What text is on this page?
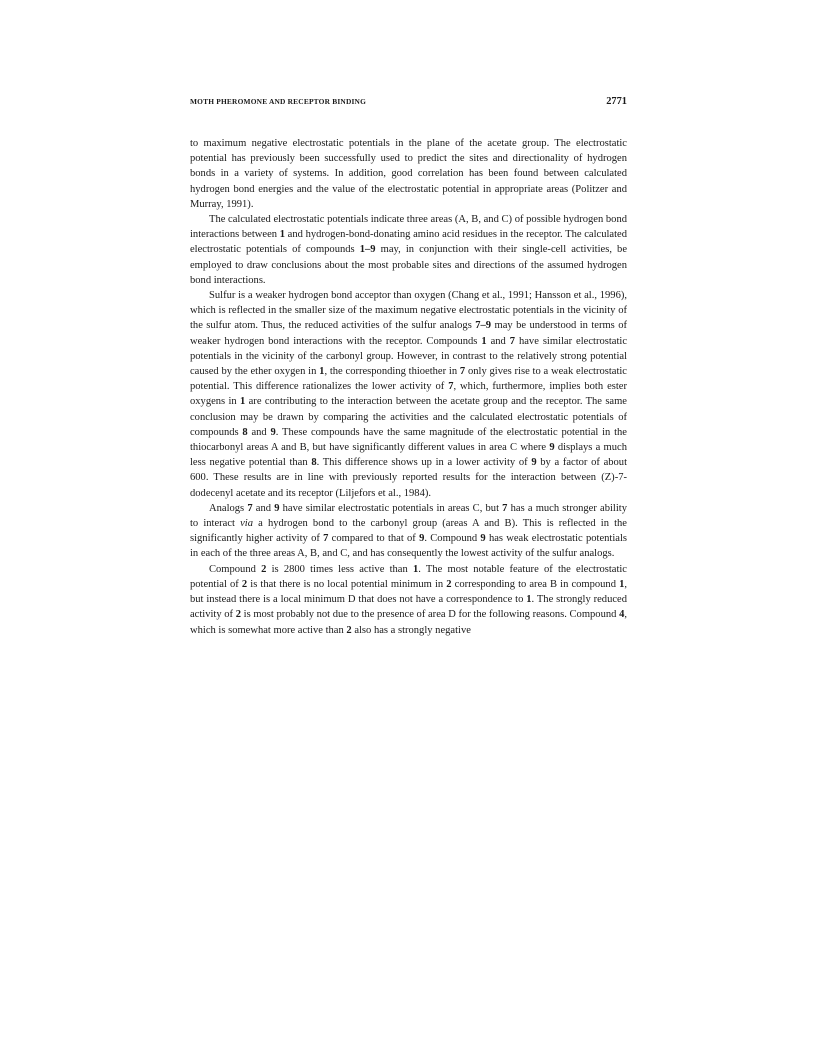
MOTH PHEROMONE AND RECEPTOR BINDING	2771

to maximum negative electrostatic potentials in the plane of the acetate group. The electrostatic potential has previously been successfully used to predict the sites and directionality of hydrogen bonds in a variety of systems. In addition, good correlation has been found between calculated hydrogen bond energies and the value of the electrostatic potential in appropriate areas (Politzer and Murray, 1991).

The calculated electrostatic potentials indicate three areas (A, B, and C) of possible hydrogen bond interactions between 1 and hydrogen-bond-donating amino acid residues in the receptor. The calculated electrostatic potentials of compounds 1–9 may, in conjunction with their single-cell activities, be employed to draw conclusions about the most probable sites and directions of the assumed hydrogen bond interactions.

Sulfur is a weaker hydrogen bond acceptor than oxygen (Chang et al., 1991; Hansson et al., 1996), which is reflected in the smaller size of the maximum negative electrostatic potentials in the vicinity of the sulfur atom. Thus, the reduced activities of the sulfur analogs 7–9 may be understood in terms of weaker hydrogen bond interactions with the receptor. Compounds 1 and 7 have similar electrostatic potentials in the vicinity of the carbonyl group. However, in contrast to the relatively strong potential caused by the ether oxygen in 1, the corresponding thioether in 7 only gives rise to a weak electrostatic potential. This difference rationalizes the lower activity of 7, which, furthermore, implies both ester oxygens in 1 are contributing to the interaction between the acetate group and the receptor. The same conclusion may be drawn by comparing the activities and the calculated electrostatic potentials of compounds 8 and 9. These compounds have the same magnitude of the electrostatic potential in the thiocarbonyl areas A and B, but have significantly different values in area C where 9 displays a much less negative potential than 8. This difference shows up in a lower activity of 9 by a factor of about 600. These results are in line with previously reported results for the interaction between (Z)-7-dodecenyl acetate and its receptor (Liljefors et al., 1984).

Analogs 7 and 9 have similar electrostatic potentials in areas C, but 7 has a much stronger ability to interact via a hydrogen bond to the carbonyl group (areas A and B). This is reflected in the significantly higher activity of 7 compared to that of 9. Compound 9 has weak electrostatic potentials in each of the three areas A, B, and C, and has consequently the lowest activity of the sulfur analogs.

Compound 2 is 2800 times less active than 1. The most notable feature of the electrostatic potential of 2 is that there is no local potential minimum in 2 corresponding to area B in compound 1, but instead there is a local minimum D that does not have a correspondence to 1. The strongly reduced activity of 2 is most probably not due to the presence of area D for the following reasons. Compound 4, which is somewhat more active than 2 also has a strongly negative
